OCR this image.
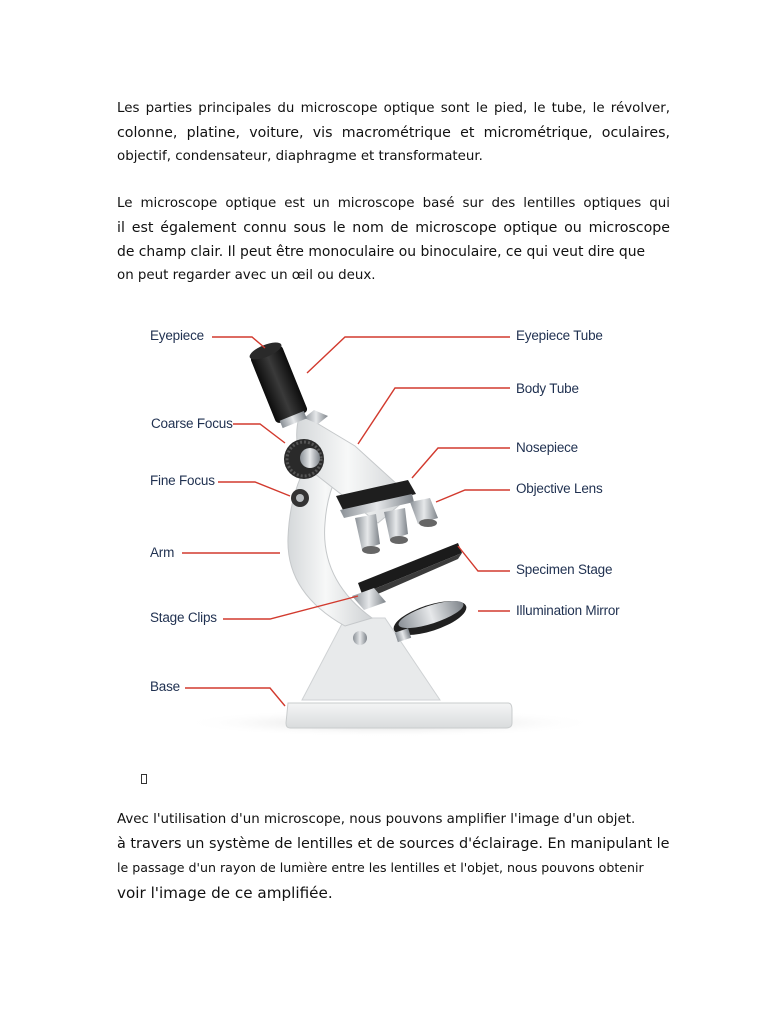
Les parties principales du microscope optique sont le pied, le tube, le révolver,
colonne, platine, voiture, vis macrométrique et micrométrique, oculaires,
objectif, condensateur, diaphragme et transformateur.
Le microscope optique est un microscope basé sur des lentilles optiques qui
il est également connu sous le nom de microscope optique ou microscope
de champ clair. Il peut être monoculaire ou binoculaire, ce qui veut dire que
on peut regarder avec un œil ou deux.
Eyepiece
Coarse Focus
Fine Focus
Arm
Stage Clips
Base
Eyepiece Tube
Body Tube
Nosepiece
Objective Lens
Specimen Stage
Illumination Mirror
Avec l'utilisation d'un microscope, nous pouvons amplifier l'image d'un objet.
à travers un système de lentilles et de sources d'éclairage. En manipulant le
le passage d'un rayon de lumière entre les lentilles et l'objet, nous pouvons obtenir
voir l'image de ce amplifiée.
